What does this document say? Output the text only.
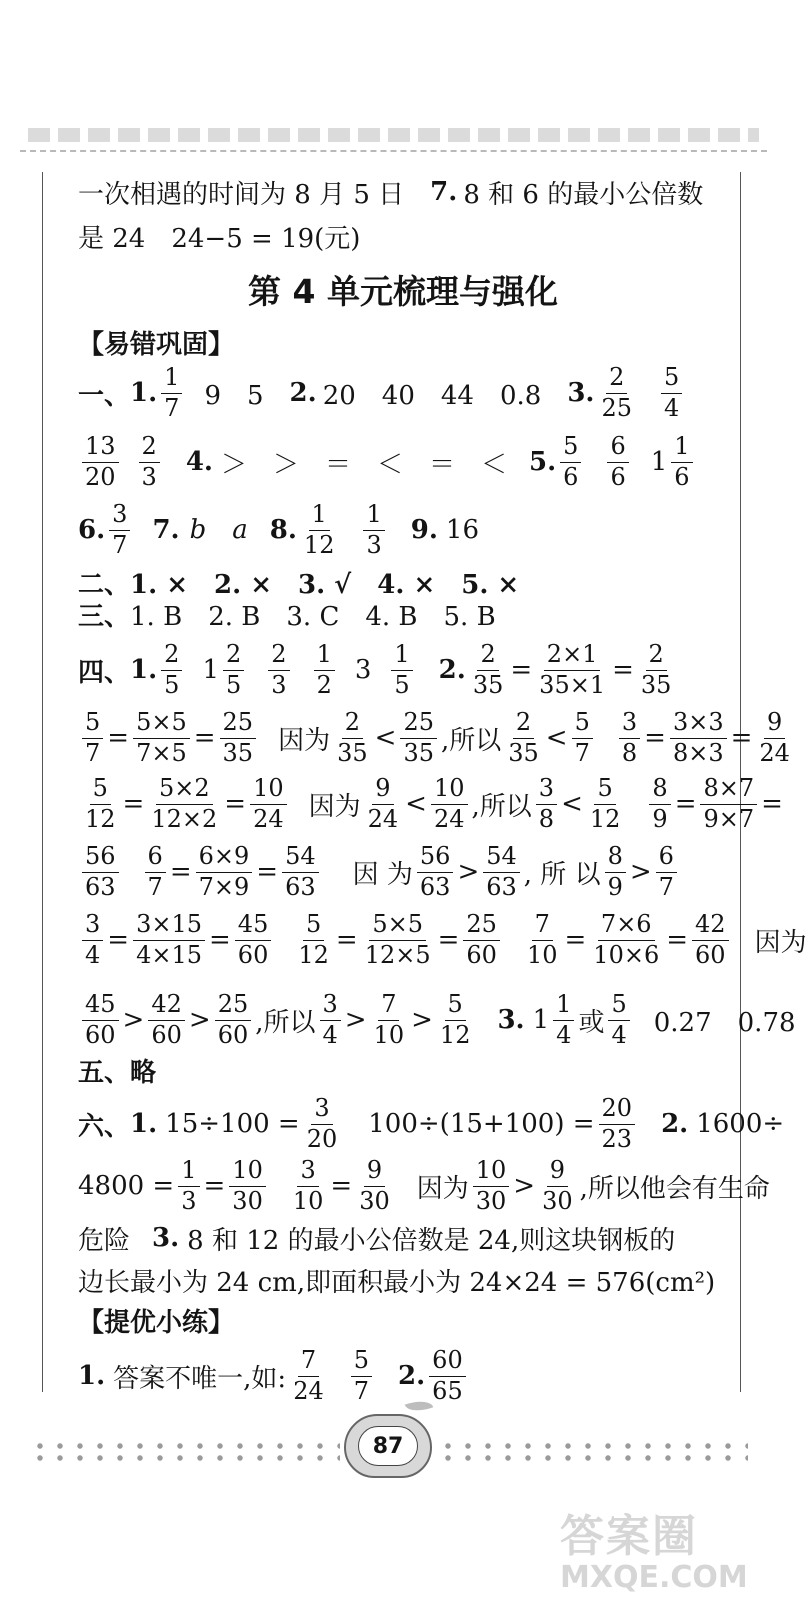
一次相遇的时间为 8 月 5 日 7. 8 和 6 的最小公倍数
是 24　24−5 = 19(元)
第 4 单元梳理与强化
【易错巩固】
一、 1. $\frac{1}{7} 9$　5 2. 20　40　44　0.8 3. $\frac{2}{25} \frac{5}{4}$
$\frac{13}{20} \frac{2}{3} 4$. ＞　＞　＝　＜　＝　＜ 5. $\frac{5}{6} \frac{6}{6} 1 \frac{1}{6}$
6. $\frac{3}{7} 7$. b a 8. $\frac{1}{12} \frac{1}{3} 9$. 16
二、 1. ×　2. ×　3. √　4. ×　5. ×
三、 1. B　2. B　3. C　4. B　5. B
四、 1. $\frac{2}{5} 1 \frac{2}{5} \frac{2}{3} \frac{1}{2} 3 \frac{1}{5} 2$. $\frac{2}{35} = \frac{2\times 1}{35\times 1} = \frac{2}{35}$
$\frac{5}{7} = \frac{5\times 5}{7\times 5} = \frac{25}{35}$ 因为 $\frac{2}{35} < \frac{25}{35}$ ,所以 $\frac{2}{35} < \frac{5}{7} \frac{3}{8} = \frac{3\times 3}{8\times 3} = \frac{9}{24}$
$\frac{5}{12} = \frac{5\times 2}{12\times 2} = \frac{10}{24}$ 因为 $\frac{9}{24} < \frac{10}{24}$ ,所以 $\frac{3}{8} < \frac{5}{12} \frac{8}{9} = \frac{8\times 7}{9\times 7}$ =
$\frac{56}{63} \frac{6}{7} = \frac{6\times 9}{7\times 9} = \frac{54}{63}$ 因 为 $\frac{56}{63} > \frac{54}{63}$ , 所 以 $\frac{8}{9} > \frac{6}{7}$
$\frac{3}{4} = \frac{3\times 15}{4\times 15} = \frac{45}{60} \frac{5}{12} = \frac{5\times 5}{12\times 5} = \frac{25}{60} \frac{7}{10} = \frac{7\times 6}{10\times 6} = \frac{42}{60}$ 因为
$\frac{45}{60} > \frac{42}{60} > \frac{25}{60}$ ,所以 $\frac{3}{4} > \frac{7}{10} > \frac{5}{12} 3$. $1 \frac{1}{4}$ 或 $\frac{5}{4} 0.27$　0.78
五、略
六、 1. $15\div 100 = \frac{3}{20} 100\div(15+100) = \frac{20}{23} 2$. 1600÷
$4800 = \frac{1}{3} = \frac{10}{30} \frac{3}{10} = \frac{9}{30}$ 因为 $\frac{10}{30} > \frac{9}{30}$ ,所以他会有生命
危险 3. 8 和 12 的最小公倍数是 24,则这块钢板的
边长最小为 24 cm,即面积最小为 24×24 = 576(cm²)
【提优小练】
1. 答案不唯一,如: $\frac{7}{24} \frac{5}{7} 2$. $\frac{60}{65}$
87
答案圈
MXQE.COM
